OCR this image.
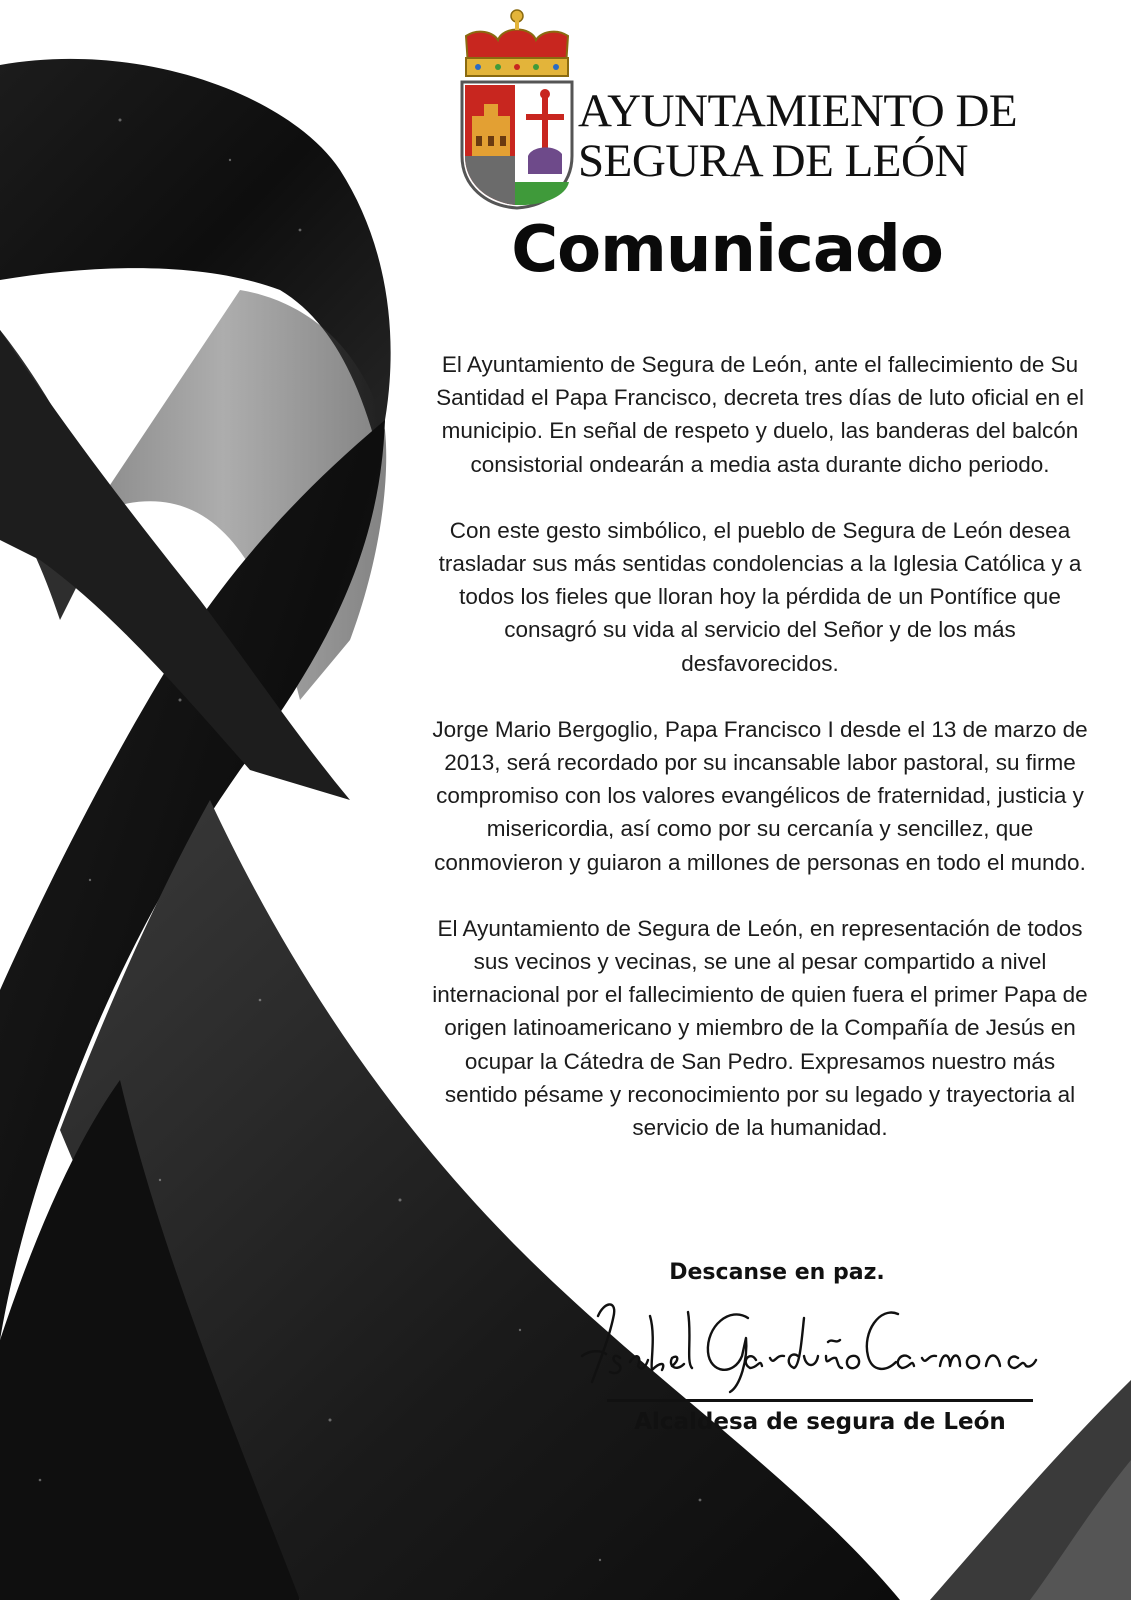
AYUNTAMIENTO DE
SEGURA DE LEÓN
Comunicado

El Ayuntamiento de Segura de León, ante el fallecimiento de Su Santidad el Papa Francisco, decreta tres días de luto oficial en el municipio. En señal de respeto y duelo, las banderas del balcón consistorial ondearán a media asta durante dicho periodo.

Con este gesto simbólico, el pueblo de Segura de León desea trasladar sus más sentidas condolencias a la Iglesia Católica y a todos los fieles que lloran hoy la pérdida de un Pontífice que consagró su vida al servicio del Señor y de los más desfavorecidos.

Jorge Mario Bergoglio, Papa Francisco I desde el 13 de marzo de 2013, será recordado por su incansable labor pastoral, su firme compromiso con los valores evangélicos de fraternidad, justicia y misericordia, así como por su cercanía y sencillez, que conmovieron y guiaron a millones de personas en todo el mundo.

El Ayuntamiento de Segura de León, en representación de todos sus vecinos y vecinas, se une al pesar compartido a nivel internacional por el fallecimiento de quien fuera el primer Papa de origen latinoamericano y miembro de la Compañía de Jesús en ocupar la Cátedra de San Pedro. Expresamos nuestro más sentido pésame y reconocimiento por su legado y trayectoria al servicio de la humanidad.

Descanse en paz.

Alcaldesa de segura de León
